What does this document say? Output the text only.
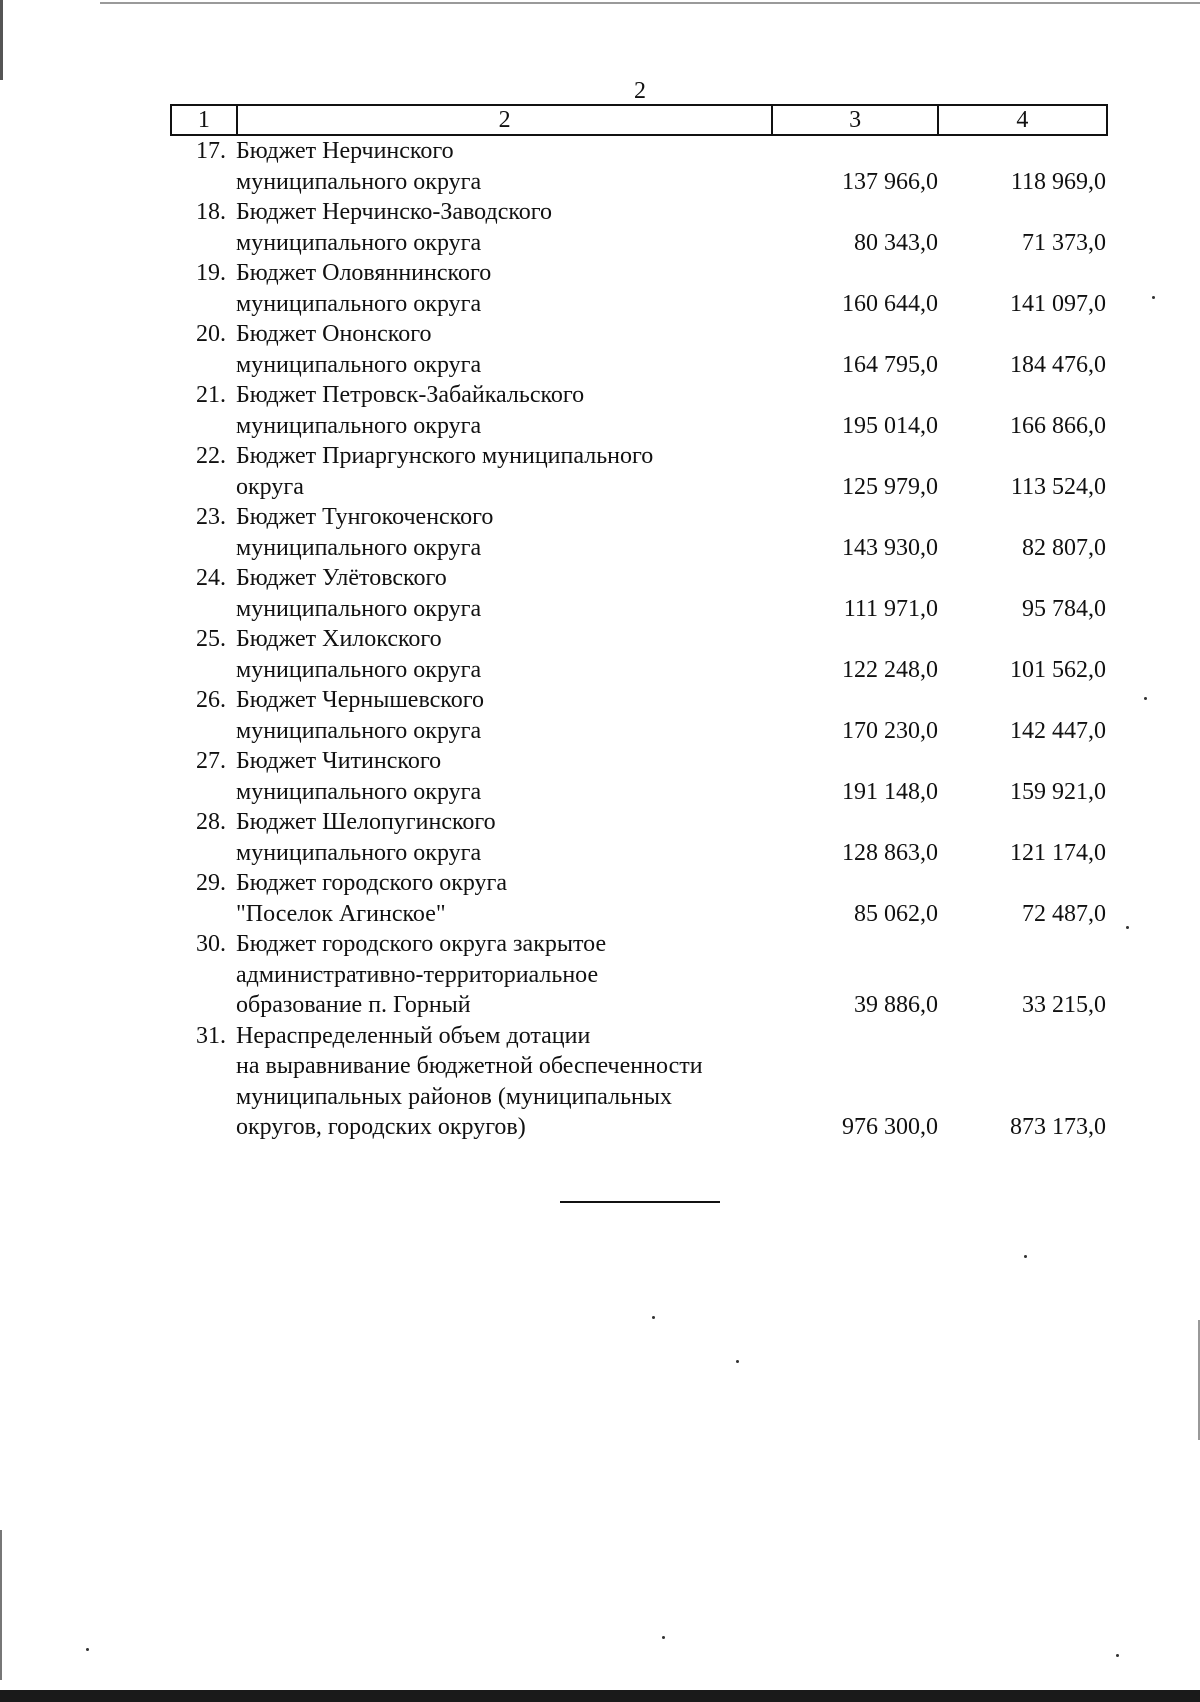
2
1	2	3	4
17. Бюджет Нерчинского
муниципального округа	137 966,0	118 969,0
18. Бюджет Нерчинско-Заводского
муниципального округа	80 343,0	71 373,0
19. Бюджет Оловяннинского
муниципального округа	160 644,0	141 097,0
20. Бюджет Ононского
муниципального округа	164 795,0	184 476,0
21. Бюджет Петровск-Забайкальского
муниципального округа	195 014,0	166 866,0
22. Бюджет Приаргунского муниципального
округа	125 979,0	113 524,0
23. Бюджет Тунгокоченского
муниципального округа	143 930,0	82 807,0
24. Бюджет Улётовского
муниципального округа	111 971,0	95 784,0
25. Бюджет Хилокского
муниципального округа	122 248,0	101 562,0
26. Бюджет Чернышевского
муниципального округа	170 230,0	142 447,0
27. Бюджет Читинского
муниципального округа	191 148,0	159 921,0
28. Бюджет Шелопугинского
муниципального округа	128 863,0	121 174,0
29. Бюджет городского округа
"Поселок Агинское"	85 062,0	72 487,0
30. Бюджет городского округа закрытое
административно-территориальное
образование п. Горный	39 886,0	33 215,0
31. Нераспределенный объем дотации
на выравнивание бюджетной обеспеченности
муниципальных районов (муниципальных
округов, городских округов)	976 300,0	873 173,0
